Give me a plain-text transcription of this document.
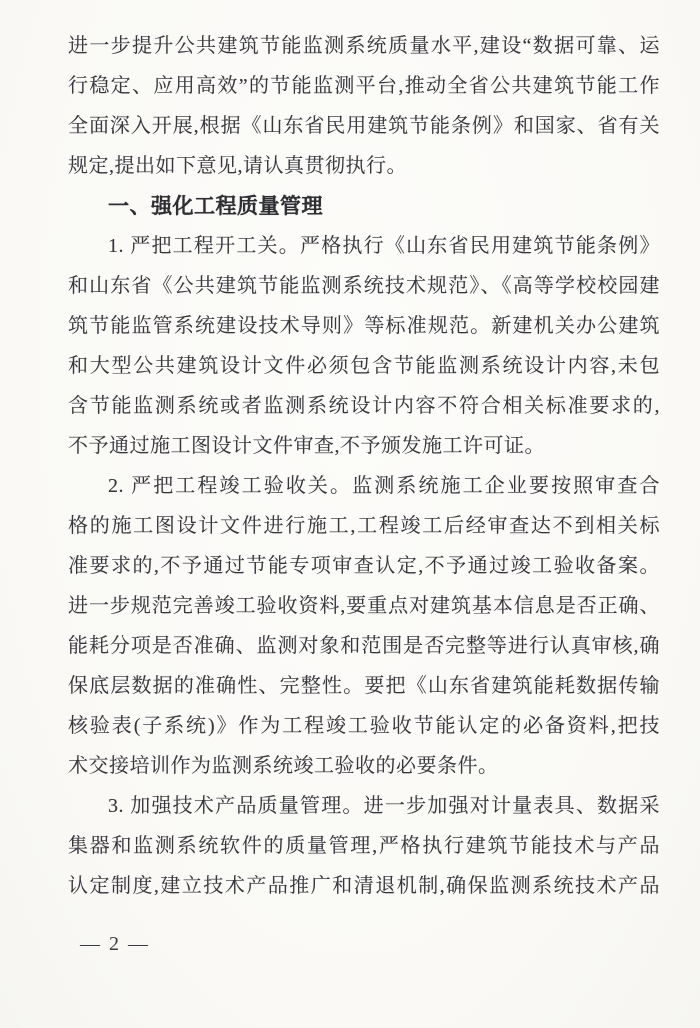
进一步提升公共建筑节能监测系统质量水平,建设“数据可靠、运
行稳定、应用高效”的节能监测平台,推动全省公共建筑节能工作
全面深入开展,根据《山东省民用建筑节能条例》和国家、省有关
规定,提出如下意见,请认真贯彻执行。
一、强化工程质量管理
1. 严把工程开工关。严格执行《山东省民用建筑节能条例》
和山东省《公共建筑节能监测系统技术规范》、《高等学校校园建
筑节能监管系统建设技术导则》等标准规范。新建机关办公建筑
和大型公共建筑设计文件必须包含节能监测系统设计内容,未包
含节能监测系统或者监测系统设计内容不符合相关标准要求的,
不予通过施工图设计文件审查,不予颁发施工许可证。
2. 严把工程竣工验收关。监测系统施工企业要按照审查合
格的施工图设计文件进行施工,工程竣工后经审查达不到相关标
准要求的,不予通过节能专项审查认定,不予通过竣工验收备案。
进一步规范完善竣工验收资料,要重点对建筑基本信息是否正确、
能耗分项是否准确、监测对象和范围是否完整等进行认真审核,确
保底层数据的准确性、完整性。要把《山东省建筑能耗数据传输
核验表(子系统)》作为工程竣工验收节能认定的必备资料,把技
术交接培训作为监测系统竣工验收的必要条件。
3. 加强技术产品质量管理。进一步加强对计量表具、数据采
集器和监测系统软件的质量管理,严格执行建筑节能技术与产品
认定制度,建立技术产品推广和清退机制,确保监测系统技术产品
— 2 —
